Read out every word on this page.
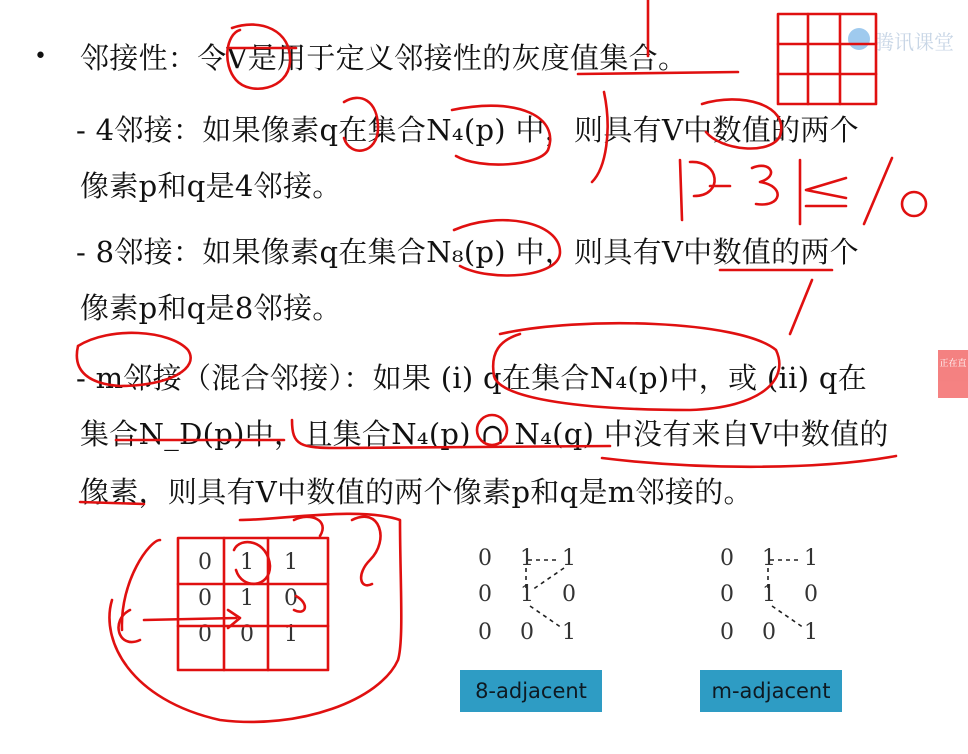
• 邻接性：令V是用于定义邻接性的灰度值集合。
- 4邻接：如果像素q在集合N₄(p) 中，则具有V中数值的两个
像素p和q是4邻接。
- 8邻接：如果像素q在集合N₈(p) 中，则具有V中数值的两个
像素p和q是8邻接。
- m邻接（混合邻接）：如果 (i) q在集合N₄(p)中，或 (ii) q在
集合N_D(p)中，且集合N₄(p) ∩ N₄(q) 中没有来自V中数值的
像素，则具有V中数值的两个像素p和q是m邻接的。
0	1	1
0	1	0
0	0	1
0	1	1
0	1	0
0	0	1
0	1	1
0	1	0
0	0	1
8-adjacent	m-adjacent
腾讯课堂
正在直
